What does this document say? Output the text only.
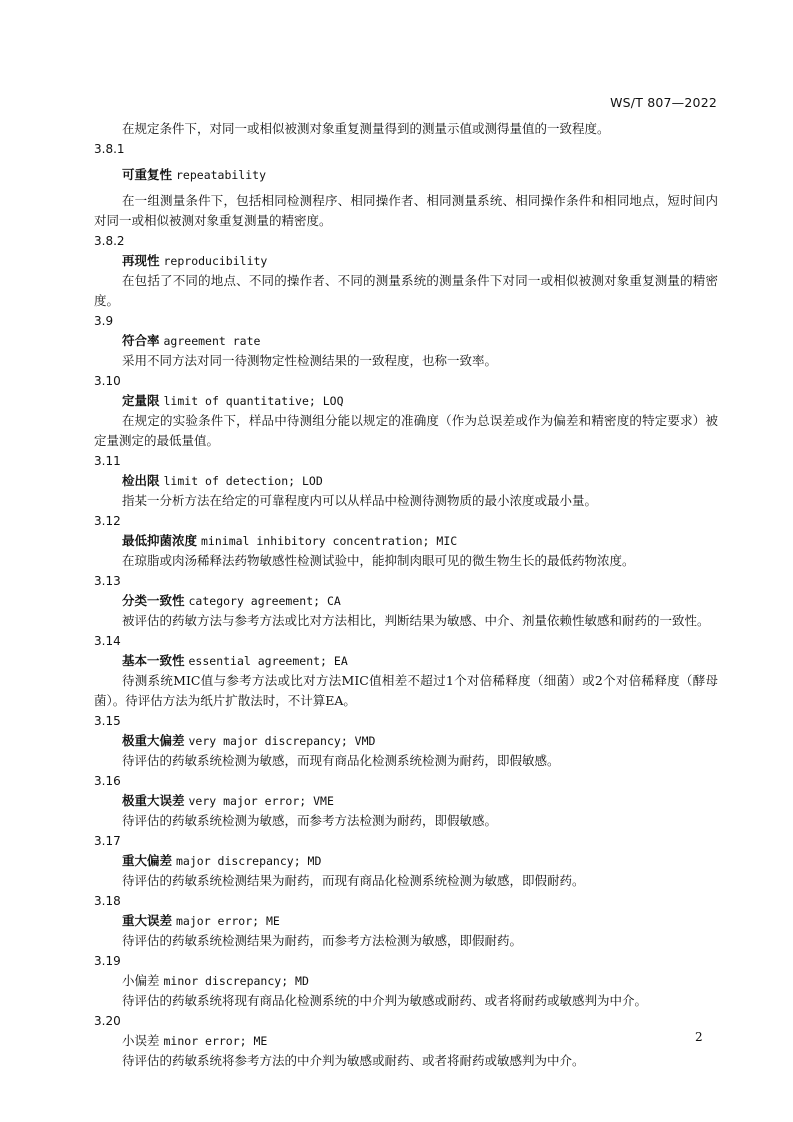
WS/T 807—2022
在规定条件下，对同一或相似被测对象重复测量得到的测量示值或测得量值的一致程度。
3.8.1
可重复性 repeatability
在一组测量条件下，包括相同检测程序、相同操作者、相同测量系统、相同操作条件和相同地点，短时间内对同一或相似被测对象重复测量的精密度。
3.8.2
再现性 reproducibility
在包括了不同的地点、不同的操作者、不同的测量系统的测量条件下对同一或相似被测对象重复测量的精密度。
3.9
符合率 agreement rate
采用不同方法对同一待测物定性检测结果的一致程度，也称一致率。
3.10
定量限 limit of quantitative; LOQ
在规定的实验条件下，样品中待测组分能以规定的准确度（作为总误差或作为偏差和精密度的特定要求）被定量测定的最低量值。
3.11
检出限 limit of detection; LOD
指某一分析方法在给定的可靠程度内可以从样品中检测待测物质的最小浓度或最小量。
3.12
最低抑菌浓度 minimal inhibitory concentration; MIC
在琼脂或肉汤稀释法药物敏感性检测试验中，能抑制肉眼可见的微生物生长的最低药物浓度。
3.13
分类一致性 category agreement; CA
被评估的药敏方法与参考方法或比对方法相比，判断结果为敏感、中介、剂量依赖性敏感和耐药的一致性。
3.14
基本一致性 essential agreement; EA
待测系统MIC值与参考方法或比对方法MIC值相差不超过1个对倍稀释度（细菌）或2个对倍稀释度（酵母菌）。待评估方法为纸片扩散法时，不计算EA。
3.15
极重大偏差 very major discrepancy; VMD
待评估的药敏系统检测为敏感，而现有商品化检测系统检测为耐药，即假敏感。
3.16
极重大误差 very major error; VME
待评估的药敏系统检测为敏感，而参考方法检测为耐药，即假敏感。
3.17
重大偏差 major discrepancy; MD
待评估的药敏系统检测结果为耐药，而现有商品化检测系统检测为敏感，即假耐药。
3.18
重大误差 major error; ME
待评估的药敏系统检测结果为耐药，而参考方法检测为敏感，即假耐药。
3.19
小偏差 minor discrepancy; MD
待评估的药敏系统将现有商品化检测系统的中介判为敏感或耐药、或者将耐药或敏感判为中介。
3.20
小误差 minor error; ME
待评估的药敏系统将参考方法的中介判为敏感或耐药、或者将耐药或敏感判为中介。
2
